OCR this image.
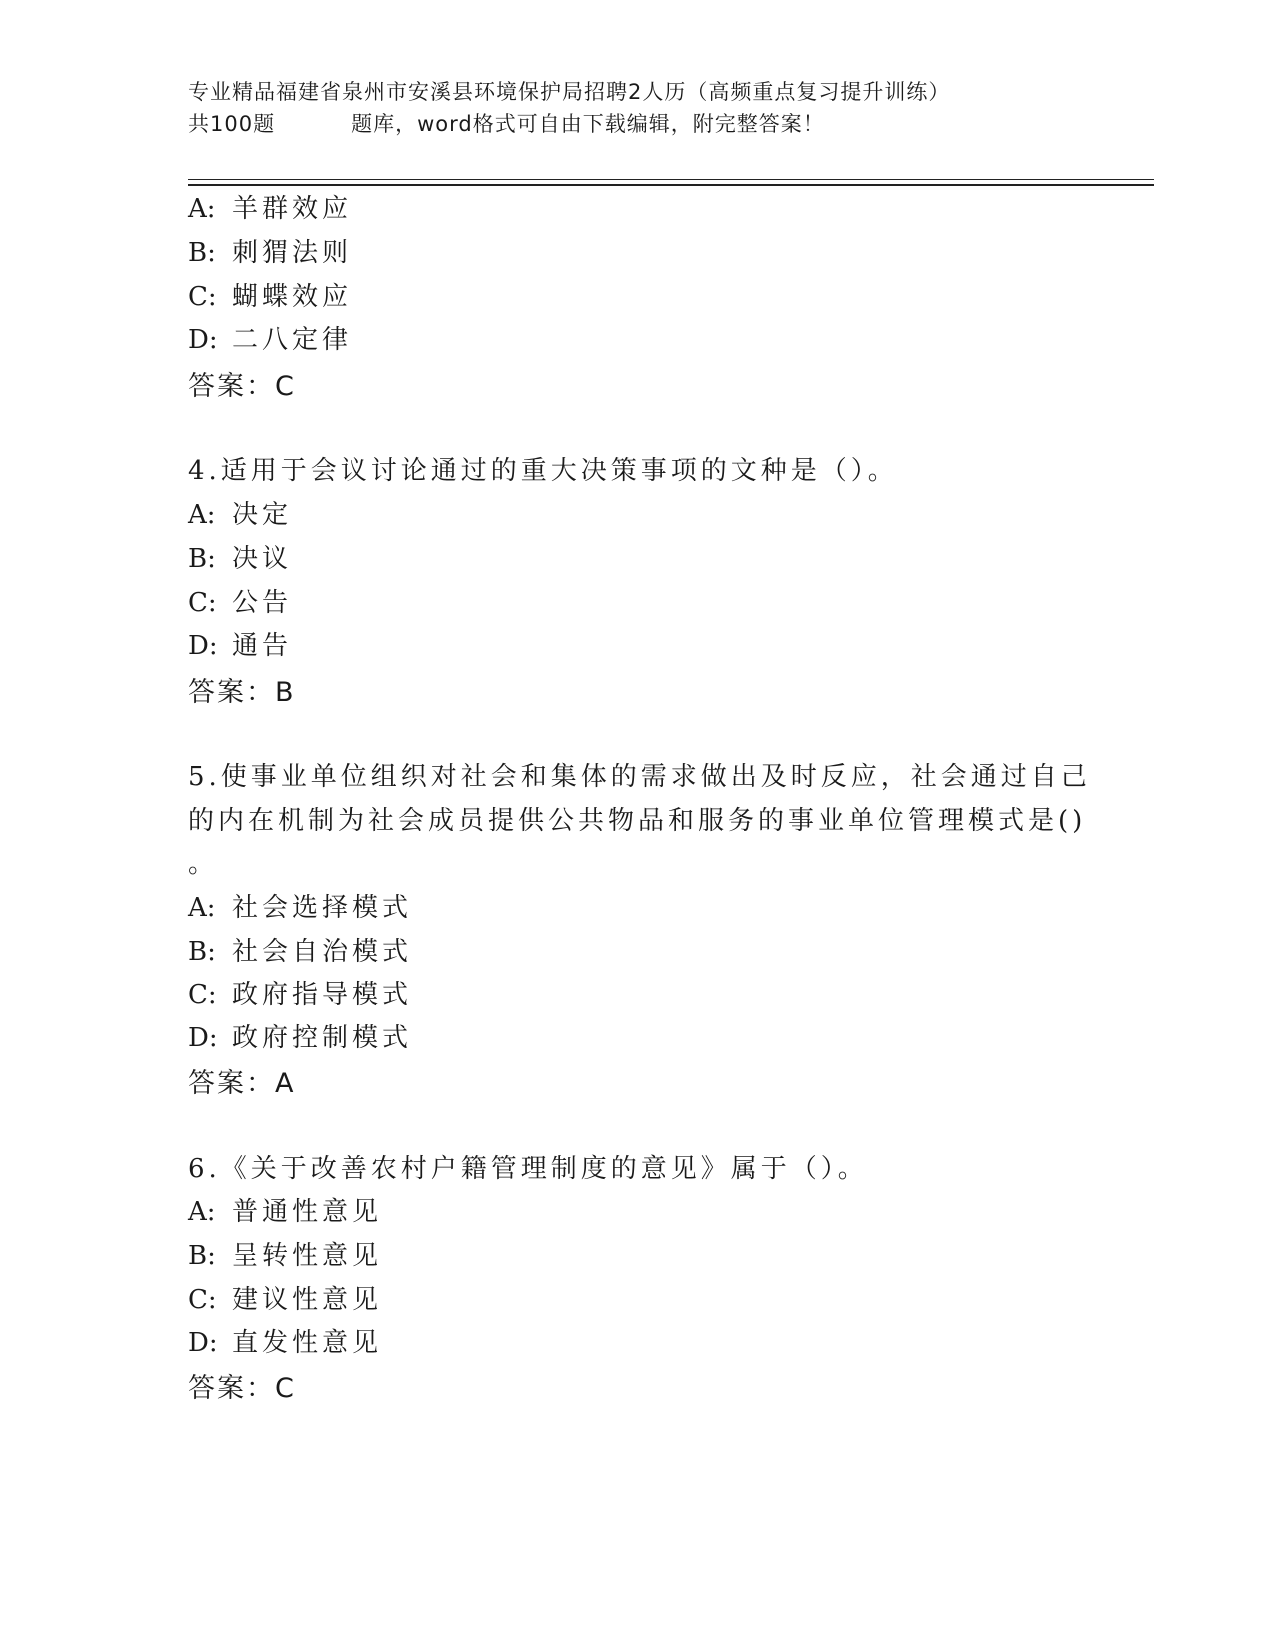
专业精品福建省泉州市安溪县环境保护局招聘2人历（高频重点复习提升训练）
共100题	题库，word格式可自由下载编辑，附完整答案！
A: 羊群效应
B: 刺猬法则
C: 蝴蝶效应
D: 二八定律
答案：C
4.适用于会议讨论通过的重大决策事项的文种是（）。
A: 决定
B: 决议
C: 公告
D: 通告
答案：B
5.使事业单位组织对社会和集体的需求做出及时反应，社会通过自己
的内在机制为社会成员提供公共物品和服务的事业单位管理模式是()
。
A: 社会选择模式
B: 社会自治模式
C: 政府指导模式
D: 政府控制模式
答案：A
6.《关于改善农村户籍管理制度的意见》属于（）。
A: 普通性意见
B: 呈转性意见
C: 建议性意见
D: 直发性意见
答案：C
